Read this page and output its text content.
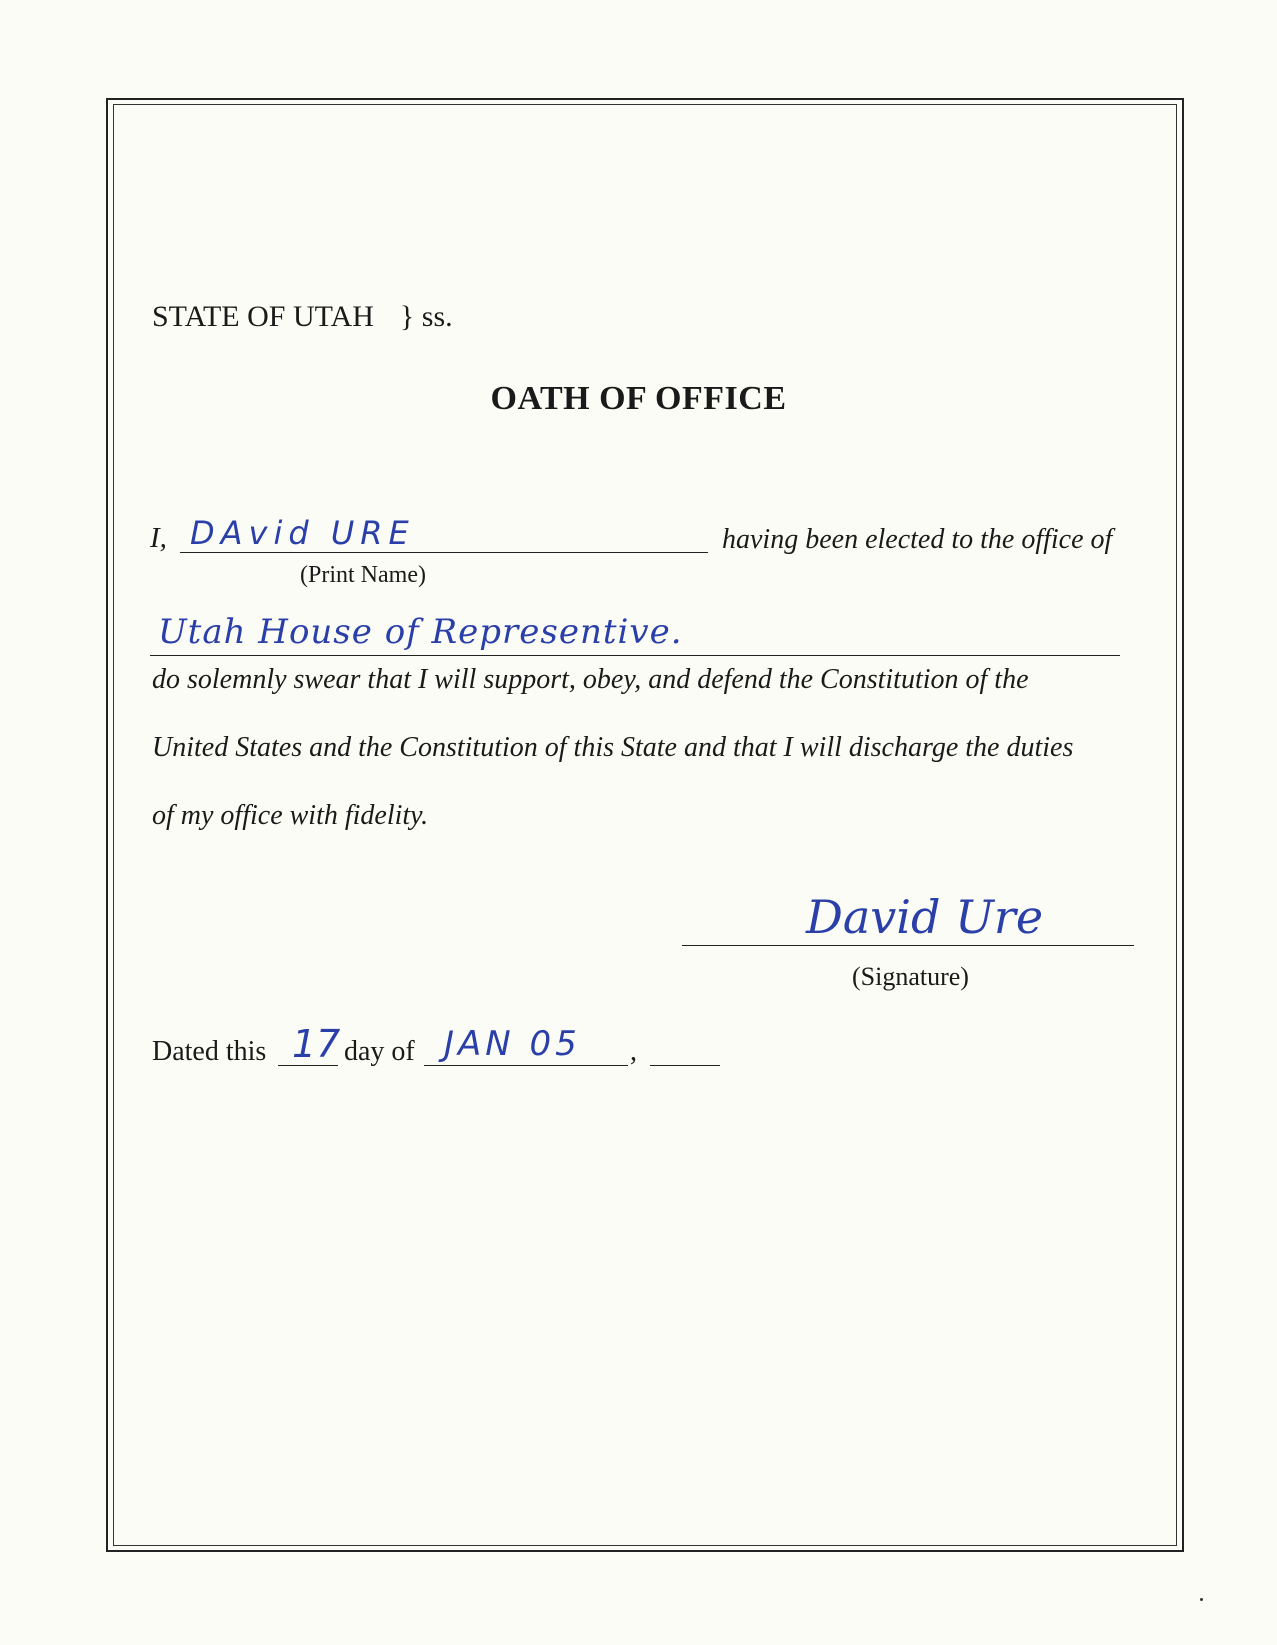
STATE OF UTAH } ss.
OATH OF OFFICE
I, DAvid URE	having been elected to the office of
(Print Name)
Utah House of Representive.
do solemnly swear that I will support, obey, and defend the Constitution of the
United States and the Constitution of this State and that I will discharge the duties
of my office with fidelity.
David Ure
(Signature)
Dated this 17 day of JAN 05 ,
